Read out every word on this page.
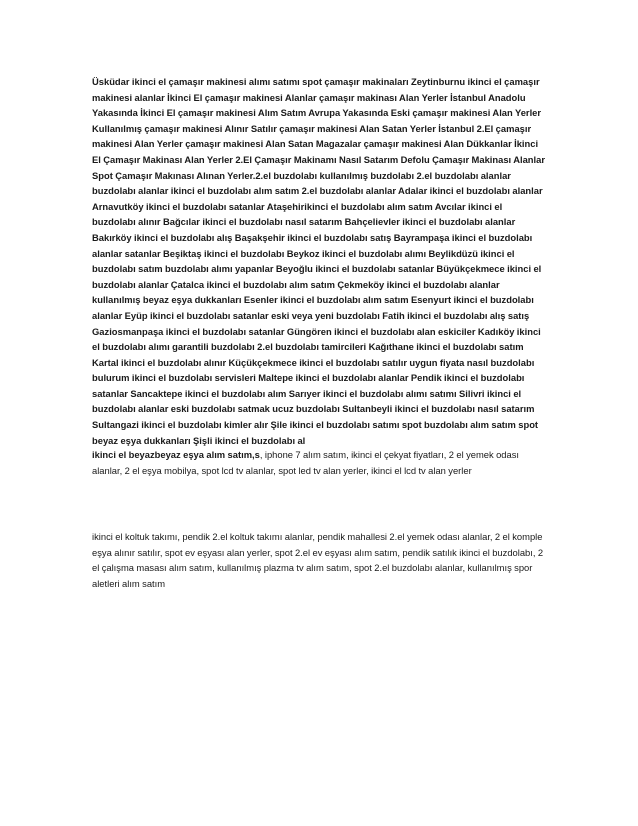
Üsküdar ikinci el çamaşır makinesi alımı satımı spot çamaşır makinaları Zeytinburnu ikinci el çamaşır makinesi alanlar İkinci El çamaşır makinesi Alanlar çamaşır makinası Alan Yerler İstanbul Anadolu Yakasında İkinci El çamaşır makinesi Alım Satım Avrupa Yakasında Eski çamaşır makinesi Alan Yerler Kullanılmış çamaşır makinesi Alınır Satılır çamaşır makinesi Alan Satan Yerler İstanbul 2.El çamaşır makinesi Alan Yerler çamaşır makinesi Alan Satan Magazalar çamaşır makinesi Alan Dükkanlar İkinci El Çamaşır Makinası Alan Yerler 2.El Çamaşır Makinamı Nasıl Satarım Defolu Çamaşır Makinası Alanlar Spot Çamaşır Makınası Alınan Yerler.2.el buzdolabı kullanılmış buzdolabı 2.el buzdolabı alanlar buzdolabı alanlar ikinci el buzdolabı alım satım 2.el buzdolabı alanlar Adalar ikinci el buzdolabı alanlar Arnavutköy ikinci el buzdolabı satanlar Ataşehirikinci el buzdolabı alım satım Avcılar ikinci el buzdolabı alınır Bağcılar ikinci el buzdolabı nasıl satarım Bahçelievler ikinci el buzdolabı alanlar Bakırköy ikinci el buzdolabı alış Başakşehir ikinci el buzdolabı satış Bayrampaşa ikinci el buzdolabı alanlar satanlar Beşiktaş ikinci el buzdolabı Beykoz ikinci el buzdolabı alımı Beylikdüzü ikinci el buzdolabı satım buzdolabı alımı yapanlar Beyoğlu ikinci el buzdolabı satanlar Büyükçekmece ikinci el buzdolabı alanlar Çatalca ikinci el buzdolabı alım satım Çekmeköy ikinci el buzdolabı alanlar kullanılmış beyaz eşya dukkanları Esenler ikinci el buzdolabı alım satım Esenyurt ikinci el buzdolabı alanlar Eyüp ikinci el buzdolabı satanlar eski veya yeni buzdolabı Fatih ikinci el buzdolabı alış satış Gaziosmanpaşa ikinci el buzdolabı satanlar Güngören ikinci el buzdolabı alan eskiciler Kadıköy ikinci el buzdolabı alımı garantili buzdolabı 2.el buzdolabı tamircileri Kağıthane ikinci el buzdolabı satım Kartal ikinci el buzdolabı alınır Küçükçekmece ikinci el buzdolabı satılır uygun fiyata nasıl buzdolabı bulurum ikinci el buzdolabı servisleri Maltepe ikinci el buzdolabı alanlar Pendik ikinci el buzdolabı satanlar Sancaktepe ikinci el buzdolabı alım Sarıyer ikinci el buzdolabı alımı satımı Silivri ikinci el buzdolabı alanlar eski buzdolabı satmak ucuz buzdolabı Sultanbeyli ikinci el buzdolabı nasıl satarım Sultangazi ikinci el buzdolabı kimler alır Şile ikinci el buzdolabı satımı spot buzdolabı alım satım spot beyaz eşya dukkanları Şişli ikinci el buzdolabı al

ikinci el beyazbeyaz eşya alım satım,s, iphone 7 alım satım, ikinci el çekyat fiyatları, 2 el yemek odası alanlar, 2 el eşya mobilya, spot lcd tv alanlar, spot led tv alan yerler, ikinci el lcd tv alan yerler

ikinci el koltuk takımı, pendik 2.el koltuk takımı alanlar, pendik mahallesi 2.el yemek odası alanlar, 2 el komple eşya alınır satılır, spot ev eşyası alan yerler, spot 2.el ev eşyası alım satım, pendik satılık ikinci el buzdolabı, 2 el çalışma masası alım satım, kullanılmış plazma tv alım satım, spot 2.el buzdolabı alanlar, kullanılmış spor aletleri alım satım
